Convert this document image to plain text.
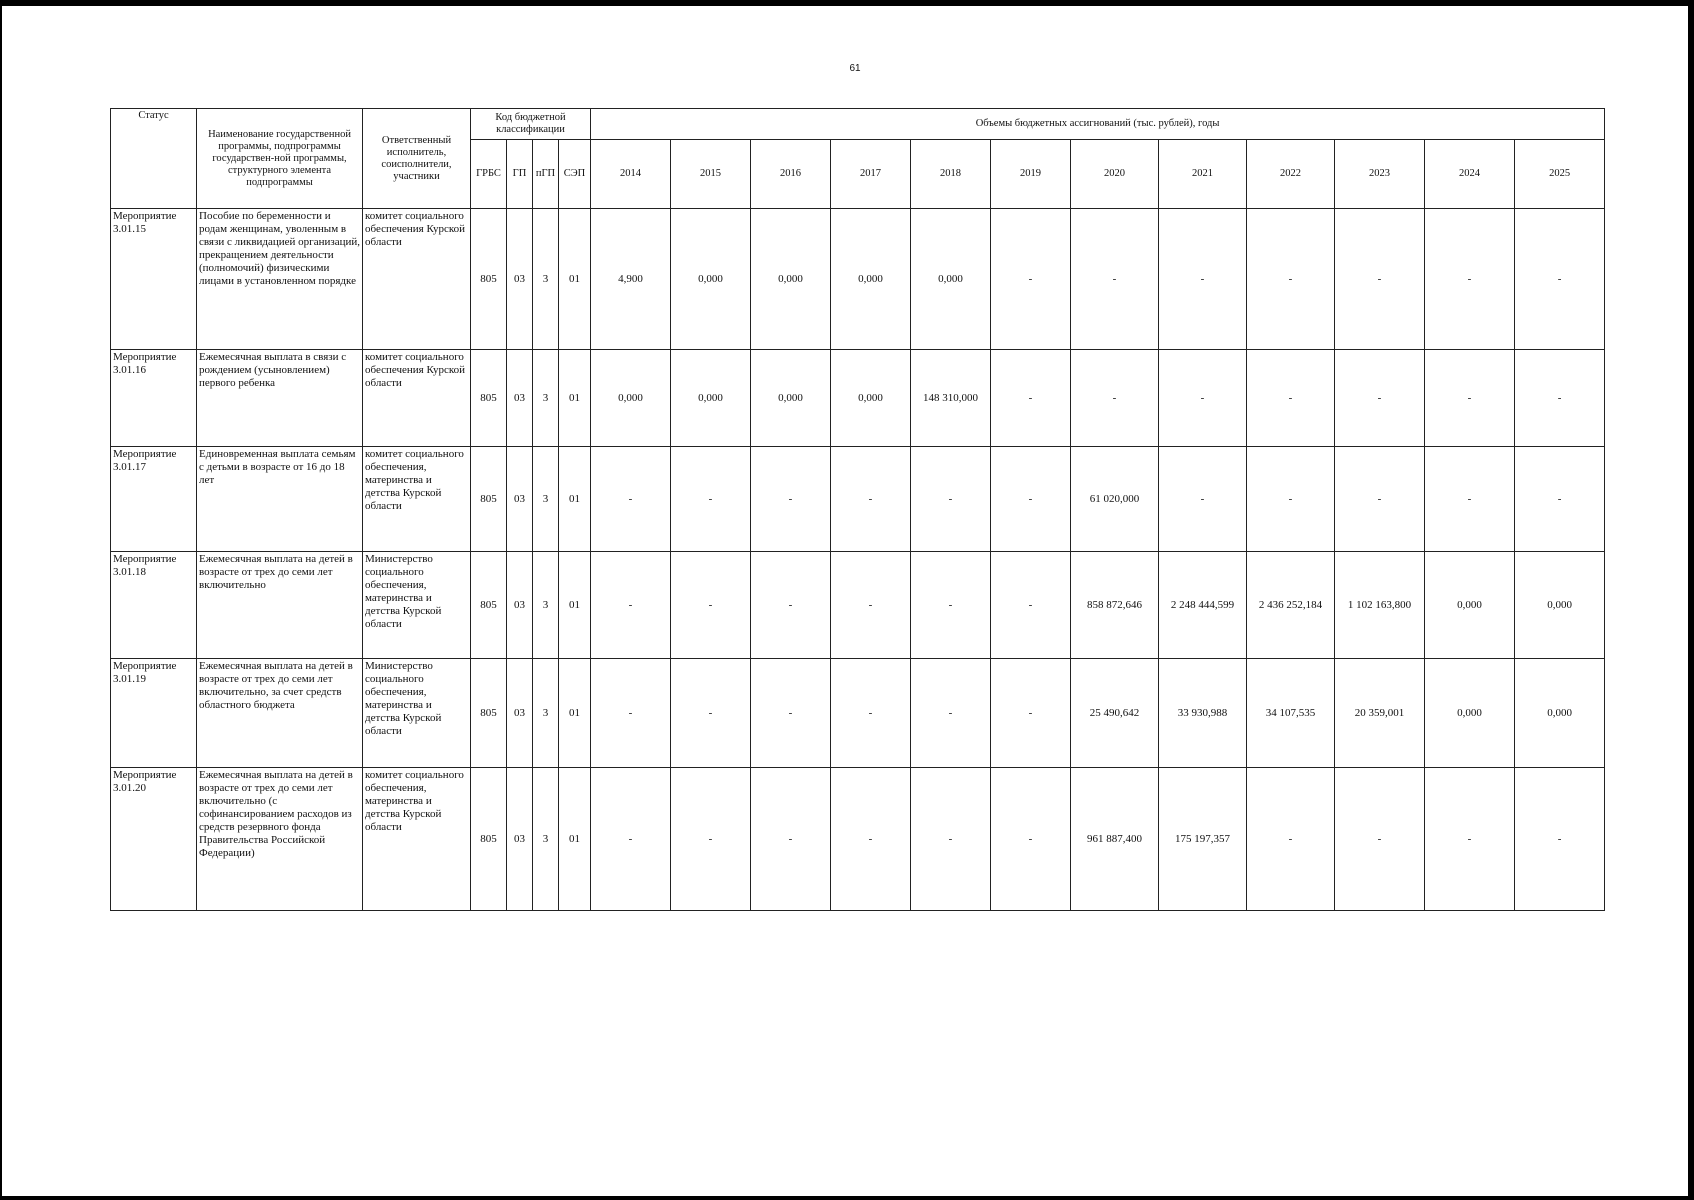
61
Статус	Наименование государственной программы, подпрограммы государствен-ной программы, структурного элемента подпрограммы	Ответственный исполнитель, соисполнители, участники	Код бюджетной классификации				Объемы бюджетных ассигнований (тыс. рублей), годы											
			ГРБС	ГП	пГП	СЭП	2014	2015	2016	2017	2018	2019	2020	2021	2022	2023	2024	2025
Мероприятие 3.01.15	Пособие по беременности и родам женщинам, уволенным в связи с ликвидацией организаций, прекращением деятельности (полномочий) физическими лицами в установленном порядке	комитет социального обеспечения Курской области	805	03	3	01	4,900	0,000	0,000	0,000	0,000	-	-	-	-	-	-	-
Мероприятие 3.01.16	Ежемесячная выплата в связи с рождением (усыновлением) первого ребенка	комитет социального обеспечения Курской области	805	03	3	01	0,000	0,000	0,000	0,000	148 310,000	-	-	-	-	-	-	-
Мероприятие 3.01.17	Единовременная выплата семьям с детьми в возрасте от 16 до 18 лет	комитет социального обеспечения, материнства и детства Курской области	805	03	3	01	-	-	-	-	-	-	61 020,000	-	-	-	-	-
Мероприятие 3.01.18	Ежемесячная выплата на детей в возрасте от трех до семи лет включительно	Министерство социального обеспечения, материнства и детства Курской области	805	03	3	01	-	-	-	-	-	-	858 872,646	2 248 444,599	2 436 252,184	1 102 163,800	0,000	0,000
Мероприятие 3.01.19	Ежемесячная выплата на детей в возрасте от трех до семи лет включительно, за счет средств областного бюджета	Министерство социального обеспечения, материнства и детства Курской области	805	03	3	01	-	-	-	-	-	-	25 490,642	33 930,988	34 107,535	20 359,001	0,000	0,000
Мероприятие 3.01.20	Ежемесячная выплата на детей в возрасте от трех до семи лет включительно (с софинансированием расходов из средств резервного фонда Правительства Российской Федерации)	комитет социального обеспечения, материнства и детства Курской области	805	03	3	01	-	-	-	-	-	-	961 887,400	175 197,357	-	-	-	-
